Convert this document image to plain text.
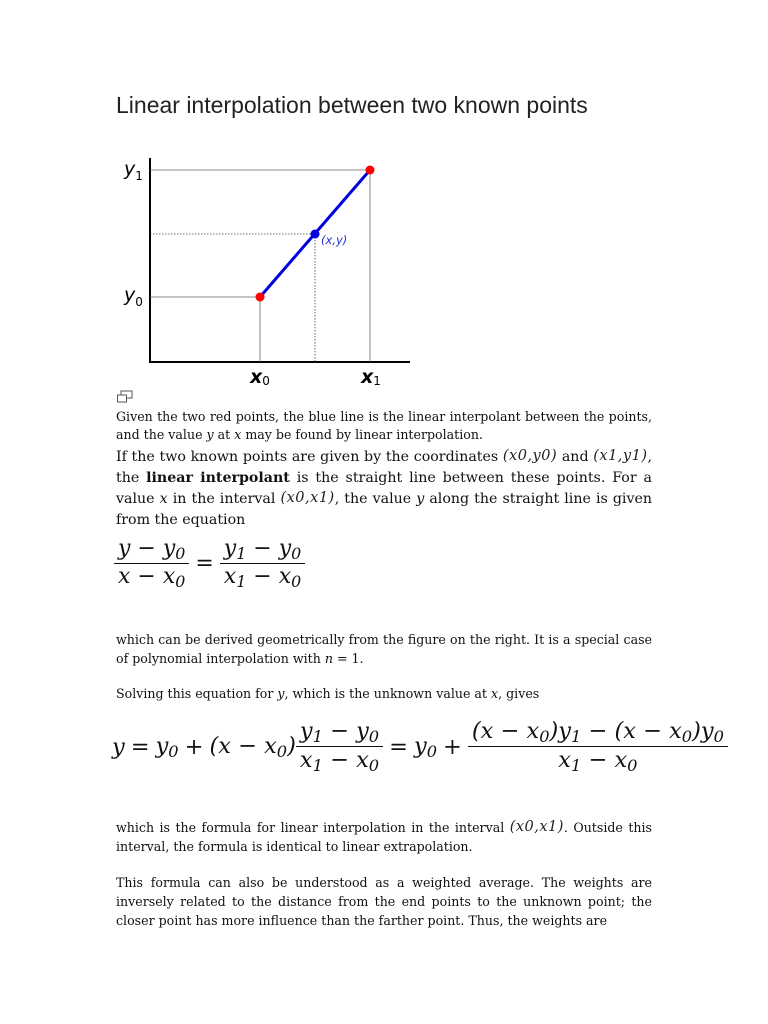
Linear interpolation between two known points
$y_1$
$y_0$
x0	x1
(x,y)

Given the two red points, the blue line is the linear interpolant between the points, and the value y at x may be found by linear interpolation.

If the two known points are given by the coordinates (x0,y0) and (x1,y1), the linear interpolant is the straight line between these points. For a value x in the interval (x0,x1), the value y along the straight line is given from the equation

$\frac{y - y_0}{x - x_0} = \frac{y_1 - y_0}{x_1 - x_0}$

which can be derived geometrically from the figure on the right. It is a special case of polynomial interpolation with n = 1.

Solving this equation for y, which is the unknown value at x, gives

$y = y_0 + (x - x_0) \frac{y_1 - y_0}{x_1 - x_0} = y_0 + \frac{(x - x_0)y_1 - (x - x_0)y_0}{x_1 - x_0}$

which is the formula for linear interpolation in the interval (x0,x1). Outside this interval, the formula is identical to linear extrapolation.

This formula can also be understood as a weighted average. The weights are inversely related to the distance from the end points to the unknown point; the closer point has more influence than the farther point. Thus, the weights are
